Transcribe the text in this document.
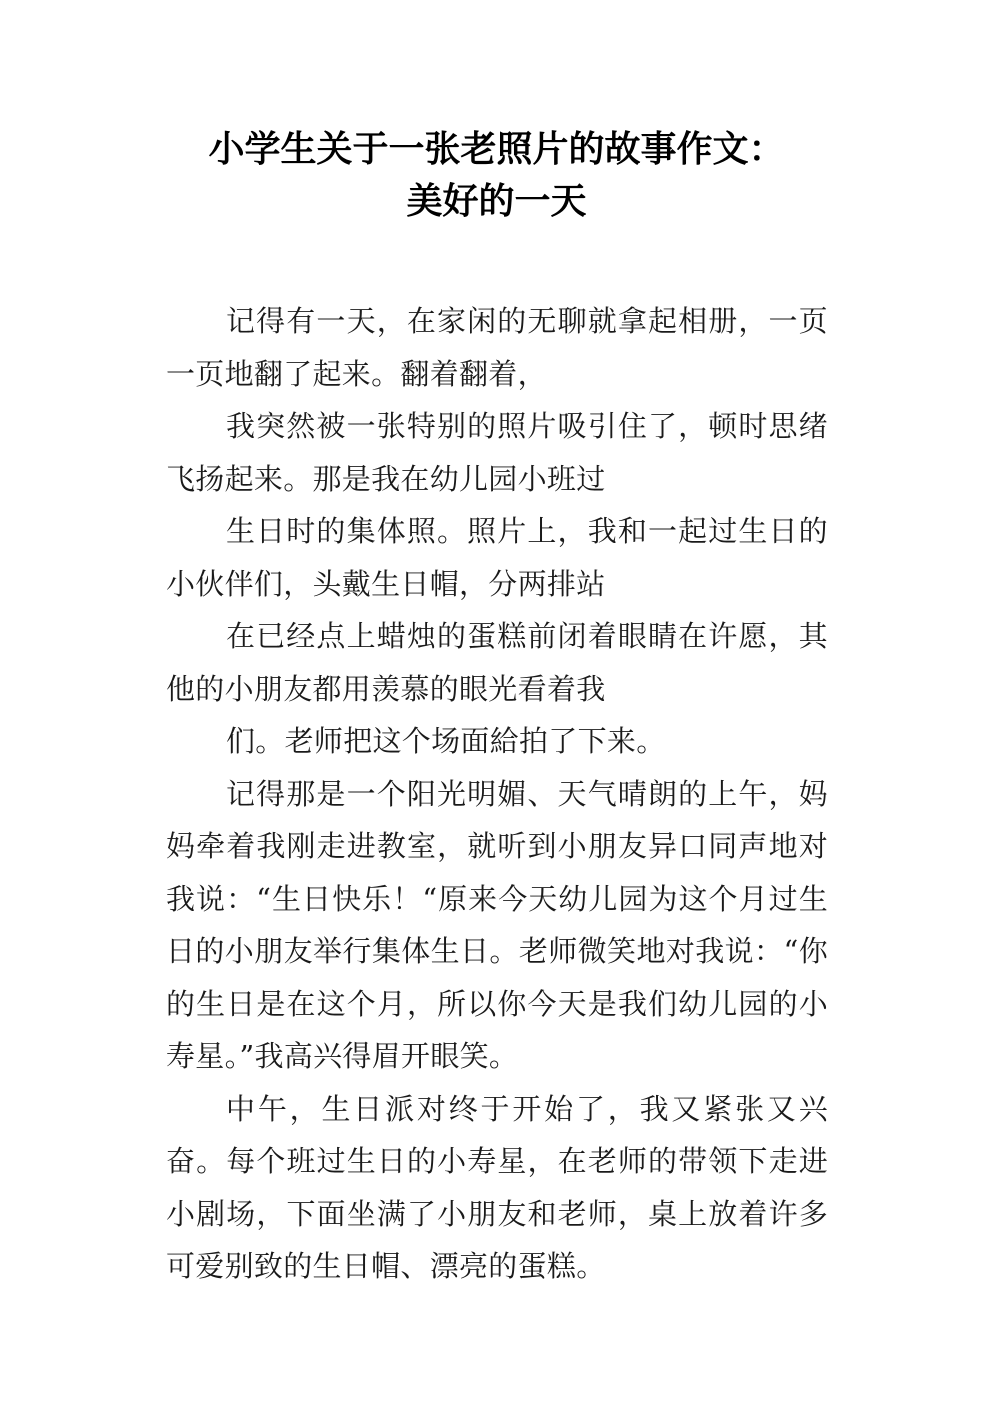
小学生关于一张老照片的故事作文：
美好的一天

记得有一天，在家闲的无聊就拿起相册，一页一页地翻了起来。翻着翻着，

我突然被一张特别的照片吸引住了，顿时思绪飞扬起来。那是我在幼儿园小班过

生日时的集体照。照片上，我和一起过生日的小伙伴们，头戴生日帽，分两排站

在已经点上蜡烛的蛋糕前闭着眼睛在许愿，其他的小朋友都用羡慕的眼光看着我

们。老师把这个场面給拍了下来。

记得那是一个阳光明媚、天气晴朗的上午，妈妈牵着我刚走进教室，就听到小朋友异口同声地对我说：“生日快乐！“原来今天幼儿园为这个月过生日的小朋友举行集体生日。老师微笑地对我说：“你的生日是在这个月，所以你今天是我们幼儿园的小寿星。”我高兴得眉开眼笑。

中午，生日派对终于开始了，我又紧张又兴奋。每个班过生日的小寿星，在老师的带领下走进小剧场，下面坐满了小朋友和老师，桌上放着许多可爱别致的生日帽、漂亮的蛋糕。
